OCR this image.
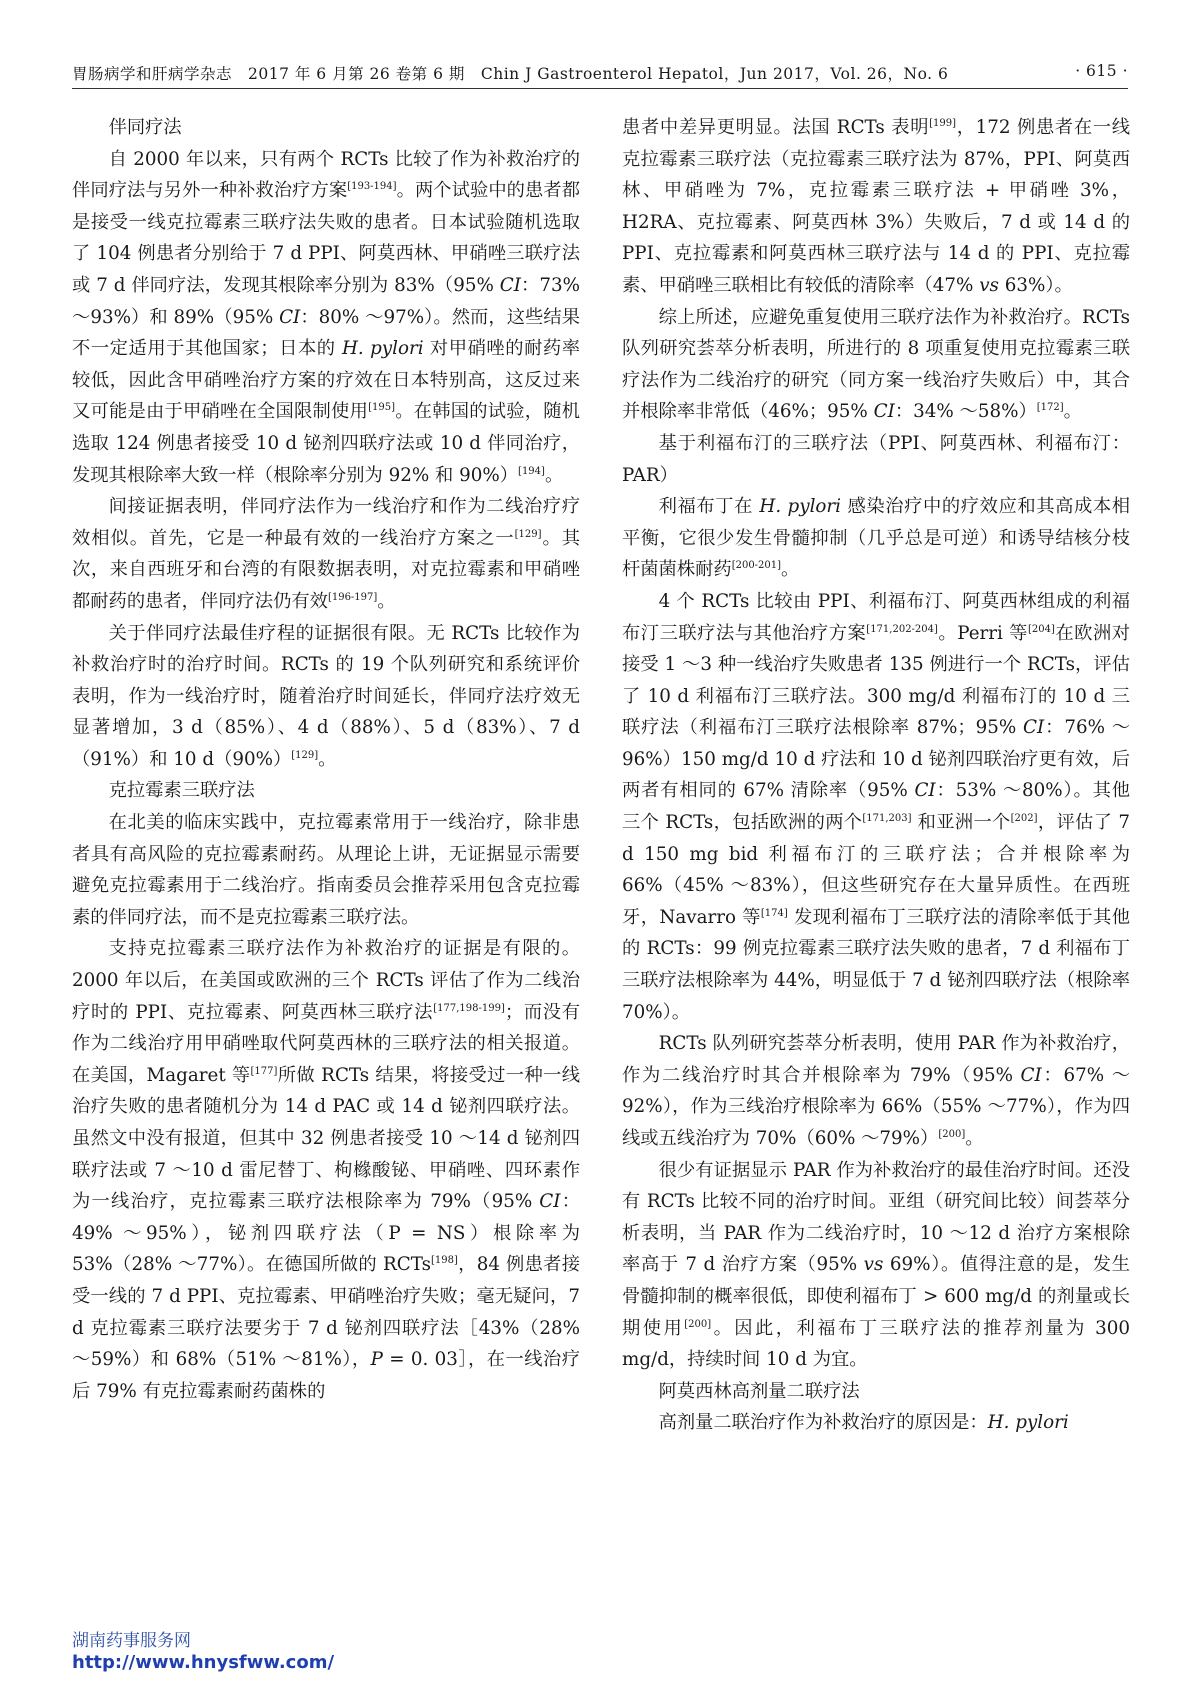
胃肠病学和肝病学杂志　2017 年 6 月第 26 卷第 6 期　Chin J Gastroenterol Hepatol，Jun 2017，Vol. 26，No. 6	· 615 ·

伴同疗法

自 2000 年以来，只有两个 RCTs 比较了作为补救治疗的伴同疗法与另外一种补救治疗方案[193-194]。两个试验中的患者都是接受一线克拉霉素三联疗法失败的患者。日本试验随机选取了 104 例患者分别给于 7 d PPI、阿莫西林、甲硝唑三联疗法或 7 d 伴同疗法，发现其根除率分别为 83%（95% CI：73% ～93%）和 89%（95% CI：80% ～97%）。然而，这些结果不一定适用于其他国家；日本的 H. pylori 对甲硝唑的耐药率较低，因此含甲硝唑治疗方案的疗效在日本特别高，这反过来又可能是由于甲硝唑在全国限制使用[195]。在韩国的试验，随机选取 124 例患者接受 10 d 铋剂四联疗法或 10 d 伴同治疗，发现其根除率大致一样（根除率分别为 92% 和 90%）[194]。

间接证据表明，伴同疗法作为一线治疗和作为二线治疗疗效相似。首先，它是一种最有效的一线治疗方案之一[129]。其次，来自西班牙和台湾的有限数据表明，对克拉霉素和甲硝唑都耐药的患者，伴同疗法仍有效[196-197]。

关于伴同疗法最佳疗程的证据很有限。无 RCTs 比较作为补救治疗时的治疗时间。RCTs 的 19 个队列研究和系统评价表明，作为一线治疗时，随着治疗时间延长，伴同疗法疗效无显著增加，3 d（85%）、4 d（88%）、5 d（83%）、7 d（91%）和 10 d（90%）[129]。

克拉霉素三联疗法

在北美的临床实践中，克拉霉素常用于一线治疗，除非患者具有高风险的克拉霉素耐药。从理论上讲，无证据显示需要避免克拉霉素用于二线治疗。指南委员会推荐采用包含克拉霉素的伴同疗法，而不是克拉霉素三联疗法。

支持克拉霉素三联疗法作为补救治疗的证据是有限的。2000 年以后，在美国或欧洲的三个 RCTs 评估了作为二线治疗时的 PPI、克拉霉素、阿莫西林三联疗法[177,198-199]；而没有作为二线治疗用甲硝唑取代阿莫西林的三联疗法的相关报道。在美国，Magaret 等[177]所做 RCTs 结果，将接受过一种一线治疗失败的患者随机分为 14 d PAC 或 14 d 铋剂四联疗法。虽然文中没有报道，但其中 32 例患者接受 10 ～14 d 铋剂四联疗法或 7 ～10 d 雷尼替丁、枸橼酸铋、甲硝唑、四环素作为一线治疗，克拉霉素三联疗法根除率为 79%（95% CI：49% ～95%），铋剂四联疗法（P = NS）根除率为 53%（28% ～77%）。在德国所做的 RCTs[198]，84 例患者接受一线的 7 d PPI、克拉霉素、甲硝唑治疗失败；毫无疑问，7 d 克拉霉素三联疗法要劣于 7 d 铋剂四联疗法［43%（28% ～59%）和 68%（51% ～81%），P = 0. 03］，在一线治疗后 79% 有克拉霉素耐药菌株的

患者中差异更明显。法国 RCTs 表明[199]，172 例患者在一线克拉霉素三联疗法（克拉霉素三联疗法为 87%，PPI、阿莫西林、甲硝唑为 7%，克拉霉素三联疗法 + 甲硝唑 3%，H2RA、克拉霉素、阿莫西林 3%）失败后，7 d 或 14 d 的 PPI、克拉霉素和阿莫西林三联疗法与 14 d 的 PPI、克拉霉素、甲硝唑三联相比有较低的清除率（47% vs 63%）。

综上所述，应避免重复使用三联疗法作为补救治疗。RCTs 队列研究荟萃分析表明，所进行的 8 项重复使用克拉霉素三联疗法作为二线治疗的研究（同方案一线治疗失败后）中，其合并根除率非常低（46%；95% CI：34% ～58%）[172]。

基于利福布汀的三联疗法（PPI、阿莫西林、利福布汀：PAR）

利福布丁在 H. pylori 感染治疗中的疗效应和其高成本相平衡，它很少发生骨髓抑制（几乎总是可逆）和诱导结核分枝杆菌菌株耐药[200-201]。

4 个 RCTs 比较由 PPI、利福布汀、阿莫西林组成的利福布汀三联疗法与其他治疗方案[171,202-204]。Perri 等[204]在欧洲对接受 1 ～3 种一线治疗失败患者 135 例进行一个 RCTs，评估了 10 d 利福布汀三联疗法。300 mg/d 利福布汀的 10 d 三联疗法（利福布汀三联疗法根除率 87%；95% CI：76% ～96%）150 mg/d 10 d 疗法和 10 d 铋剂四联治疗更有效，后两者有相同的 67% 清除率（95% CI：53% ～80%）。其他三个 RCTs，包括欧洲的两个[171,203] 和亚洲一个[202]，评估了 7 d 150 mg bid 利福布汀的三联疗法；合并根除率为 66%（45% ～83%），但这些研究存在大量异质性。在西班牙，Navarro 等[174] 发现利福布丁三联疗法的清除率低于其他的 RCTs：99 例克拉霉素三联疗法失败的患者，7 d 利福布丁三联疗法根除率为 44%，明显低于 7 d 铋剂四联疗法（根除率 70%）。

RCTs 队列研究荟萃分析表明，使用 PAR 作为补救治疗，作为二线治疗时其合并根除率为 79%（95% CI：67% ～92%），作为三线治疗根除率为 66%（55% ～77%），作为四线或五线治疗为 70%（60% ～79%）[200]。

很少有证据显示 PAR 作为补救治疗的最佳治疗时间。还没有 RCTs 比较不同的治疗时间。亚组（研究间比较）间荟萃分析表明，当 PAR 作为二线治疗时，10 ～12 d 治疗方案根除率高于 7 d 治疗方案（95% vs 69%）。值得注意的是，发生骨髓抑制的概率很低，即使利福布丁 > 600 mg/d 的剂量或长期使用[200]。因此，利福布丁三联疗法的推荐剂量为 300 mg/d，持续时间 10 d 为宜。

阿莫西林高剂量二联疗法

高剂量二联治疗作为补救治疗的原因是：H. pylori

湖南药事服务网
http://www.hnysfww.com/
